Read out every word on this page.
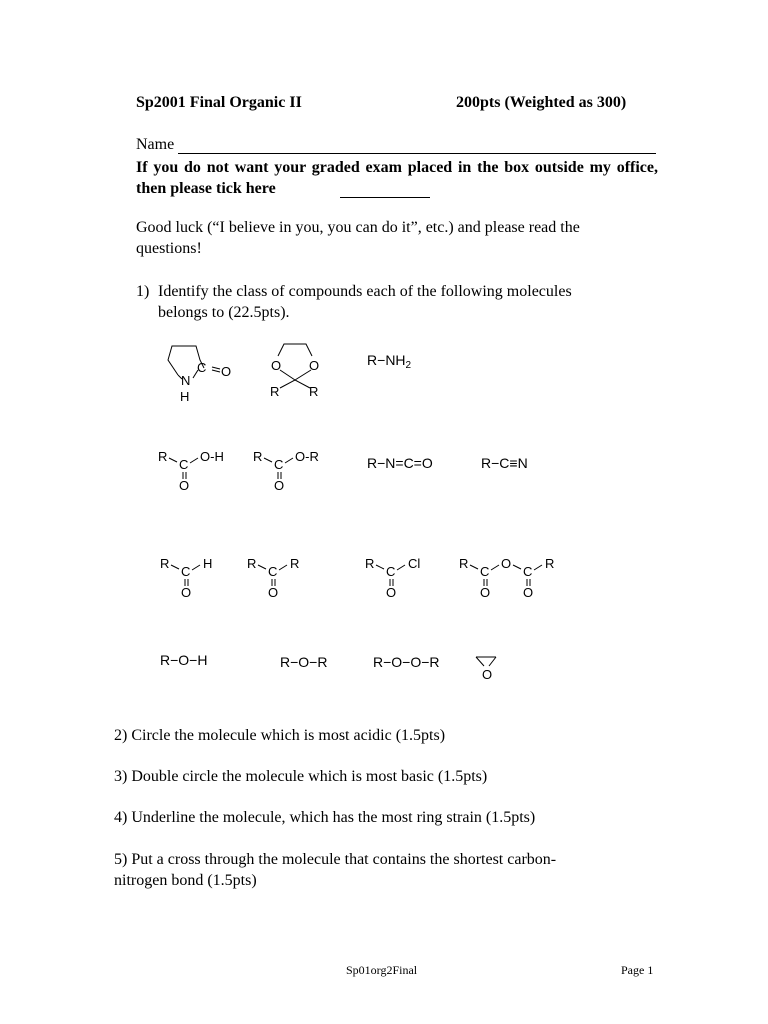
Sp2001 Final Organic II	200pts (Weighted as 300)
Name
If you do not want your graded exam placed in the box outside my office, then please tick here
Good luck (“I believe in you, you can do it”, etc.) and please read the
questions!
1) Identify the class of compounds each of the following molecules
belongs to (22.5pts).
C O
N
H
O O
R R
$R-NH_2$
R
C
O-H
O
R
C
O-R
O
R−N=C=O	R−C≡N
R
C
H
O
R
C
R
O
R
C
Cl
O
R
C
O
C
R
O	O
R−O−H	R−O−R	R−O−O−R
O
2) Circle the molecule which is most acidic (1.5pts)
3) Double circle the molecule which is most basic (1.5pts)
4) Underline the molecule, which has the most ring strain (1.5pts)
5) Put a cross through the molecule that contains the shortest carbon-
nitrogen bond (1.5pts)
Sp01org2Final	Page 1
